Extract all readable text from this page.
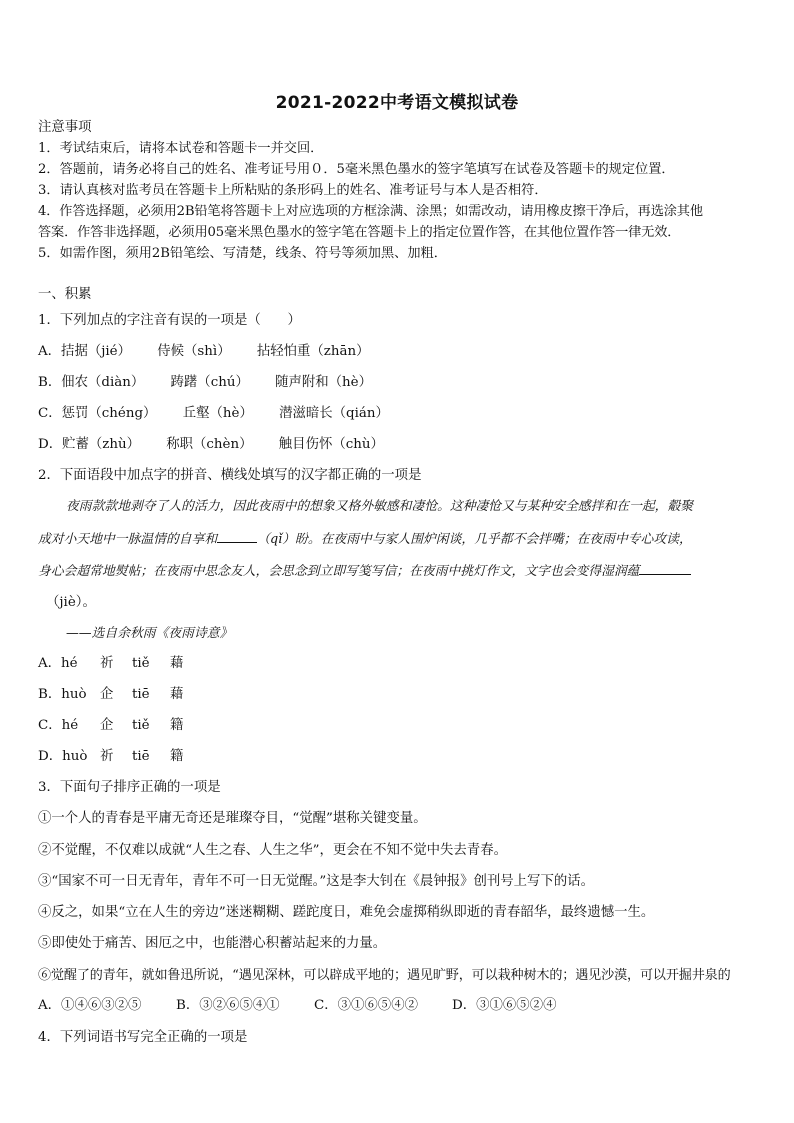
2021-2022中考语文模拟试卷
注意事项
1．考试结束后，请将本试卷和答题卡一并交回．
2．答题前，请务必将自己的姓名、准考证号用０．5毫米黑色墨水的签字笔填写在试卷及答题卡的规定位置．
3．请认真核对监考员在答题卡上所粘贴的条形码上的姓名、准考证号与本人是否相符．
4．作答选择题，必须用2B铅笔将答题卡上对应选项的方框涂满、涂黑；如需改动，请用橡皮擦干净后，再选涂其他
答案．作答非选择题，必须用05毫米黑色墨水的签字笔在答题卡上的指定位置作答，在其他位置作答一律无效．
5．如需作图，须用2B铅笔绘、写清楚，线条、符号等须加黑、加粗．
一、积累
1．下列加点的字注音有误的一项是（　　）
A．拮据（jié） 侍候（shì） 拈轻怕重（zhān）
B．佃农（diàn） 踌躇（chú） 随声附和（hè）
C．惩罚（chéng） 丘壑（hè） 潜滋暗长（qián）
D．贮蓄（zhù） 称职（chèn） 触目伤怀（chù）
2．下面语段中加点字的拼音、横线处填写的汉字都正确的一项是
夜雨款款地剥夺了人的活力，因此夜雨中的想象又格外敏感和凄怆。这种凄怆又与某种安全感拌和在一起，觳聚
成对小天地中一脉温情的自享和	（qǐ）盼。在夜雨中与家人围炉闲谈，几乎都不会拌嘴；在夜雨中专心攻读，
身心会超常地熨帖；在夜雨中思念友人，会思念到立即写笺写信；在夜雨中挑灯作文，文字也会变得湿润蕴
（jiè）。
——选自余秋雨《夜雨诗意》
A．hé 祈 tiě 藉
B．huò 企 tiē 藉
C．hé 企 tiě 籍
D．huò 祈 tiē 籍
3．下面句子排序正确的一项是
①一个人的青春是平庸无奇还是璀璨夺目，“觉醒”堪称关键变量。
②不觉醒，不仅难以成就“人生之春、人生之华”，更会在不知不觉中失去青春。
③“国家不可一日无青年，青年不可一日无觉醒。”这是李大钊在《晨钟报》创刊号上写下的话。
④反之，如果“立在人生的旁边”迷迷糊糊、蹉跎度日，难免会虚掷稍纵即逝的青春韶华，最终遗憾一生。
⑤即使处于痛苦、困厄之中，也能潜心积蓄站起来的力量。
⑥觉醒了的青年，就如鲁迅所说，“遇见深林，可以辟成平地的；遇见旷野，可以栽种树木的；遇见沙漠，可以开掘井泉的
A．①④⑥③②⑤	B．③②⑥⑤④①	C．③①⑥⑤④②	D．③①⑥⑤②④
4．下列词语书写完全正确的一项是
